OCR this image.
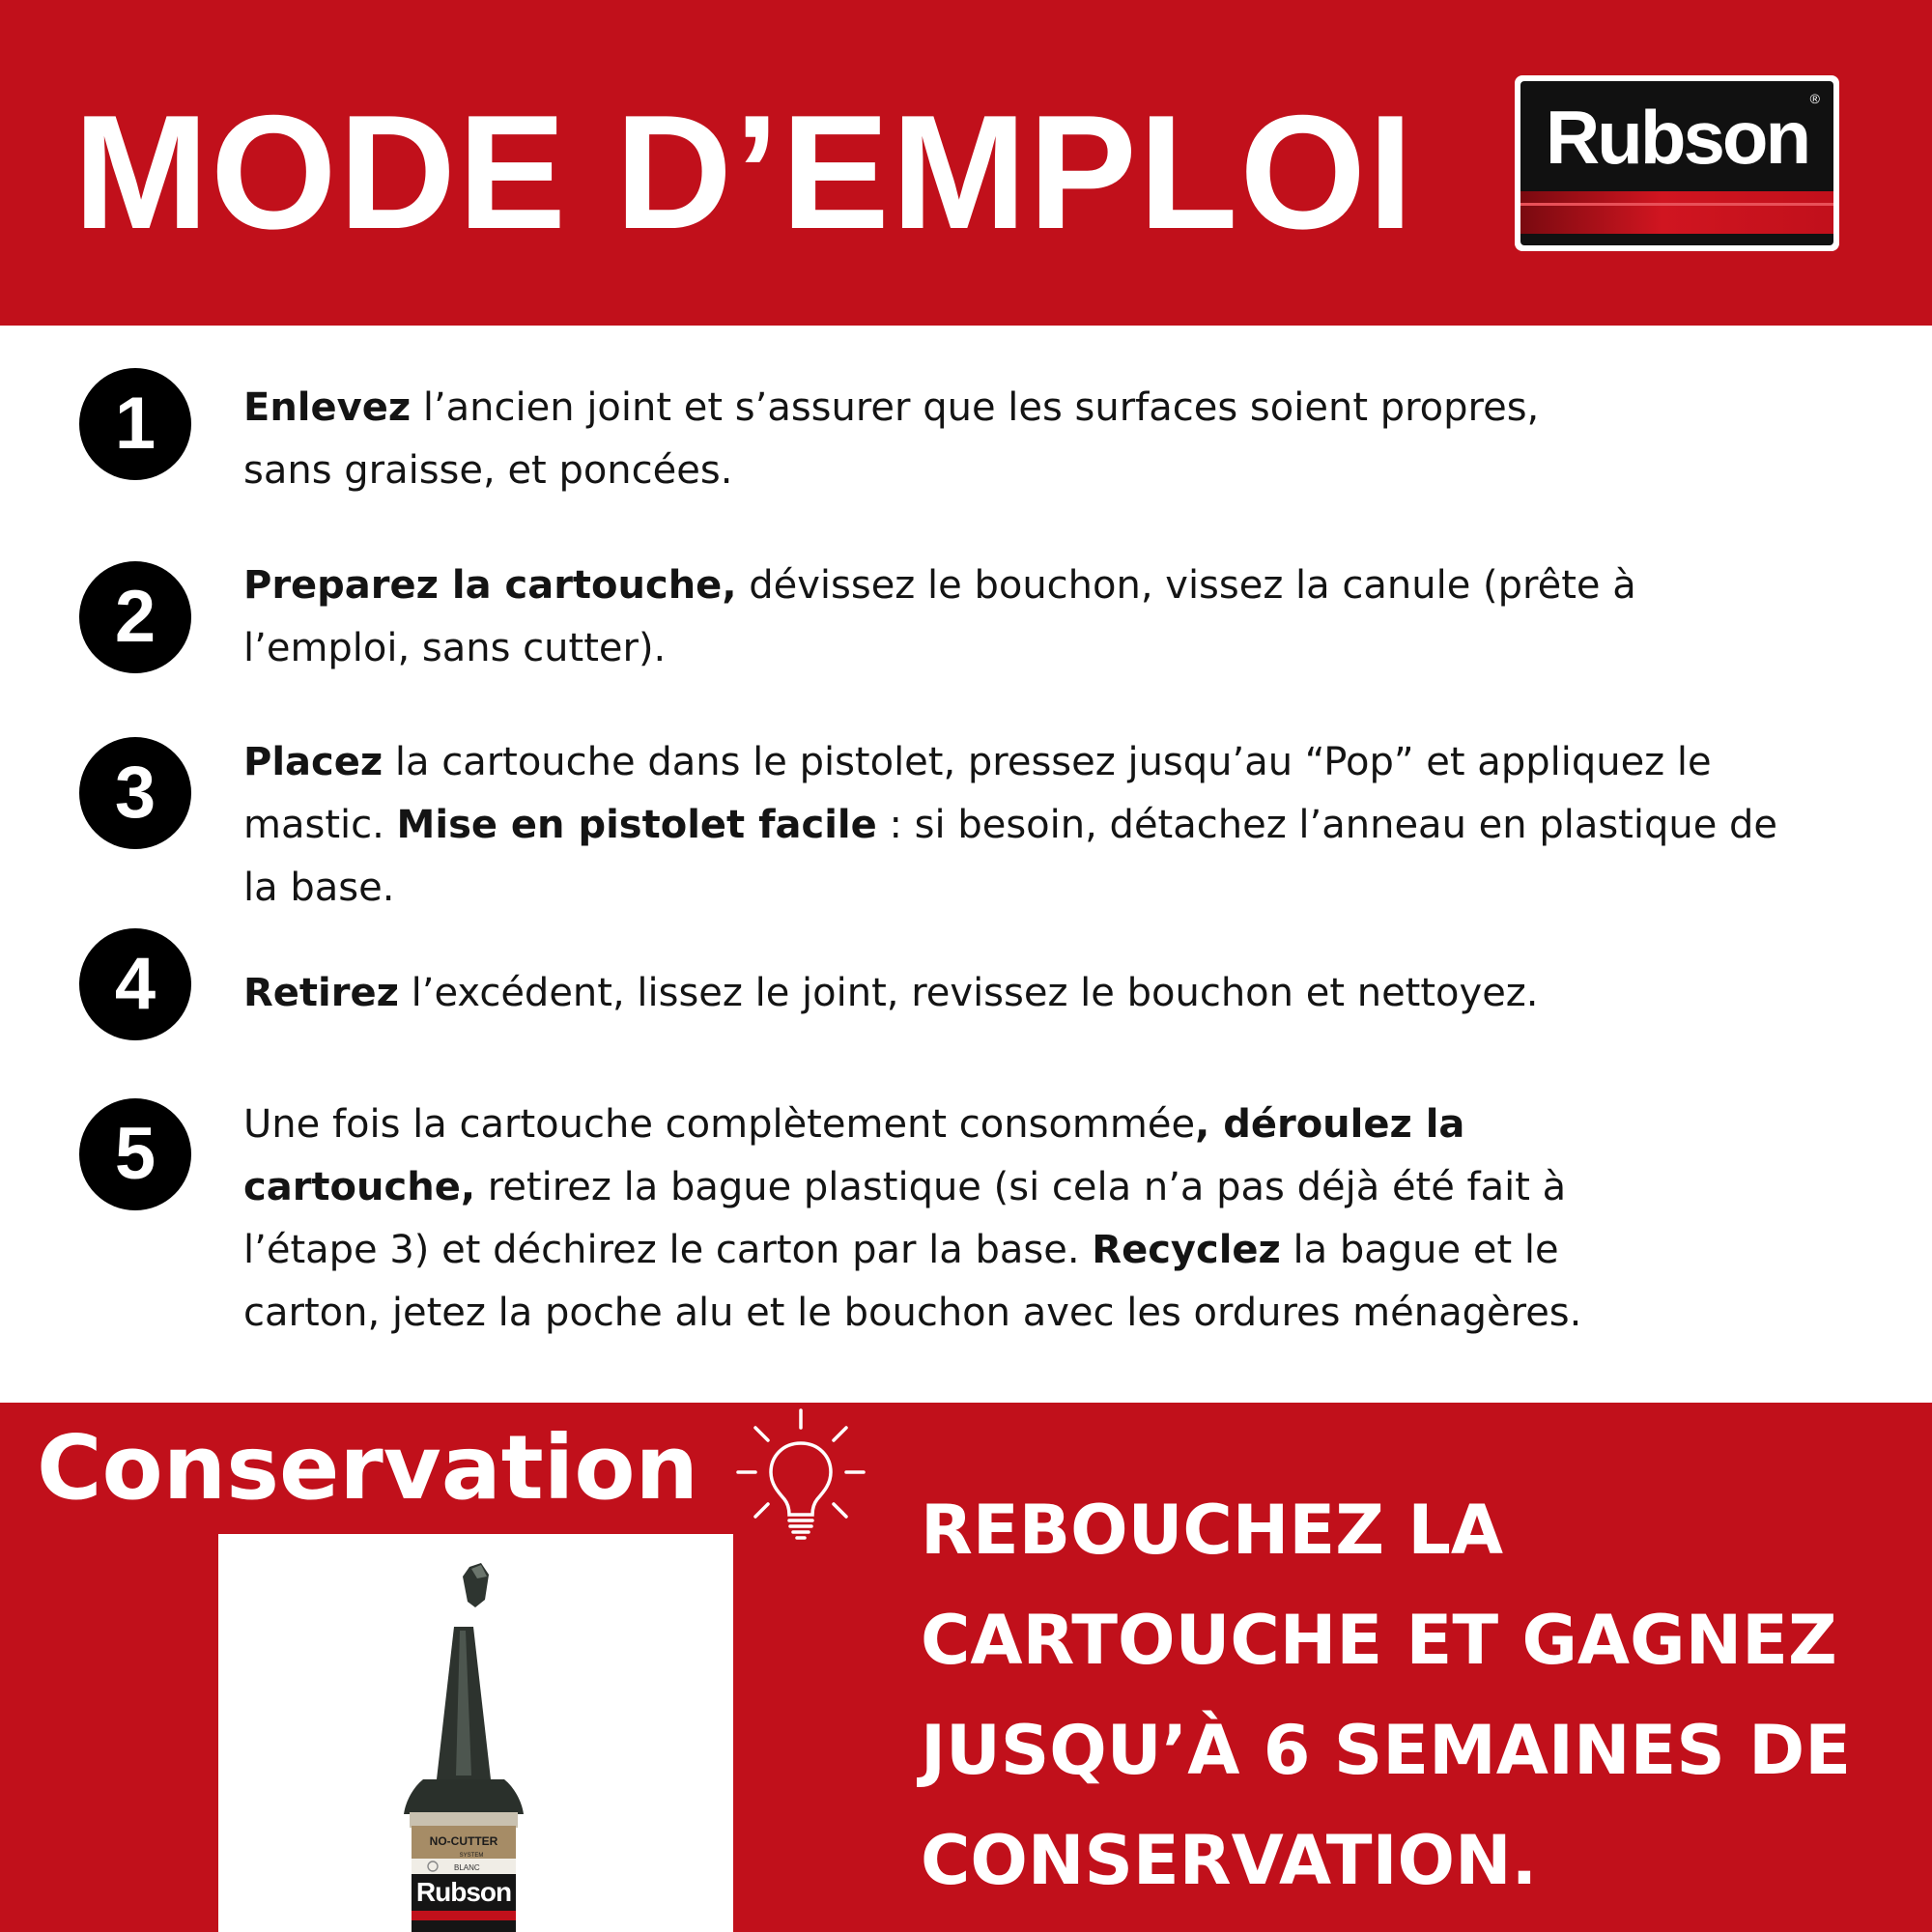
MODE D’EMPLOI	Rubson ®
1	Enlevez l’ancien joint et s’assurer que les surfaces soient propres,
sans graisse, et poncées.
2	Preparez la cartouche, dévissez le bouchon, vissez la canule (prête à
l’emploi, sans cutter).
3	Placez la cartouche dans le pistolet, pressez jusqu’au “Pop” et appliquez le
mastic. Mise en pistolet facile : si besoin, détachez l’anneau en plastique de
la base.
4	Retirez l’excédent, lissez le joint, revissez le bouchon et nettoyez.
5	Une fois la cartouche complètement consommée, déroulez la
cartouche, retirez la bague plastique (si cela n’a pas déjà été fait à
l’étape 3) et déchirez le carton par la base. Recyclez la bague et le
carton, jetez la poche alu et le bouchon avec les ordures ménagères.
Conservation
NO-CUTTER
SYSTEM
BLANC
Rubson
REBOUCHEZ LA
CARTOUCHE ET GAGNEZ
JUSQU’À 6 SEMAINES DE
CONSERVATION.
